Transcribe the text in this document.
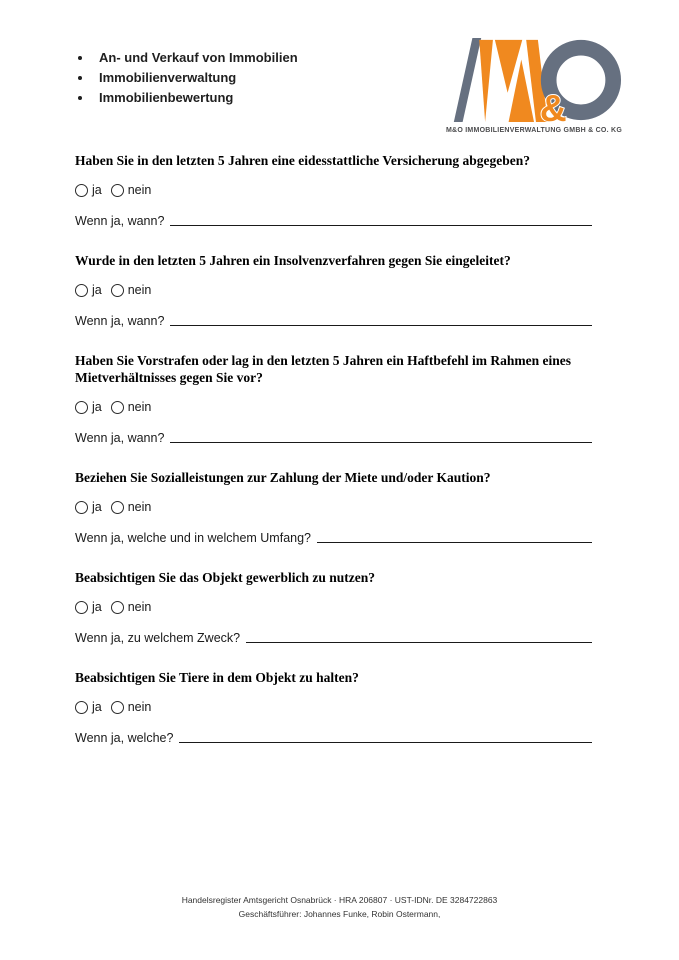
• An- und Verkauf von Immobilien
• Immobilienverwaltung
• Immobilienbewertung	&
M&O IMMOBILIENVERWALTUNG GMBH & CO. KG
Haben Sie in den letzten 5 Jahren eine eidesstattliche Versicherung abgegeben?
ja nein
Wenn ja, wann?
Wurde in den letzten 5 Jahren ein Insolvenzverfahren gegen Sie eingeleitet?
ja nein
Wenn ja, wann?
Haben Sie Vorstrafen oder lag in den letzten 5 Jahren ein Haftbefehl im Rahmen eines Mietverhältnisses gegen Sie vor?
ja nein
Wenn ja, wann?
Beziehen Sie Sozialleistungen zur Zahlung der Miete und/oder Kaution?
ja nein
Wenn ja, welche und in welchem Umfang?
Beabsichtigen Sie das Objekt gewerblich zu nutzen?
ja nein
Wenn ja, zu welchem Zweck?
Beabsichtigen Sie Tiere in dem Objekt zu halten?
ja nein
Wenn ja, welche?
Handelsregister Amtsgericht Osnabrück · HRA 206807 · UST-IDNr. DE 3284722863
Geschäftsführer: Johannes Funke, Robin Ostermann,
